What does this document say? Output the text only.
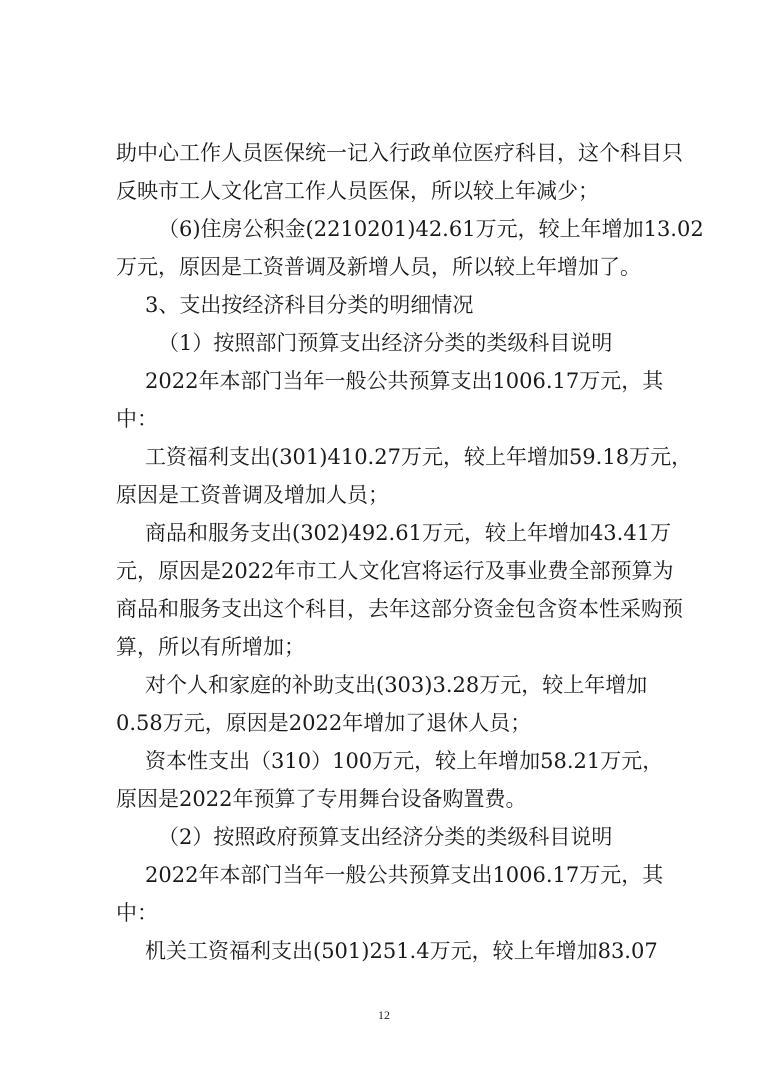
助中心工作人员医保统一记入行政单位医疗科目，这个科目只
反映市工人文化宫工作人员医保，所以较上年减少；
（6)住房公积金(2210201)42.61万元，较上年增加13.02
万元，原因是工资普调及新增人员，所以较上年增加了。
3、支出按经济科目分类的明细情况
（1）按照部门预算支出经济分类的类级科目说明
2022年本部门当年一般公共预算支出1006.17万元，其
中：
工资福利支出(301)410.27万元，较上年增加59.18万元，
原因是工资普调及增加人员；
商品和服务支出(302)492.61万元，较上年增加43.41万
元，原因是2022年市工人文化宫将运行及事业费全部预算为
商品和服务支出这个科目，去年这部分资金包含资本性采购预
算，所以有所增加；
对个人和家庭的补助支出(303)3.28万元，较上年增加
0.58万元，原因是2022年增加了退休人员；
资本性支出（310）100万元，较上年增加58.21万元，
原因是2022年预算了专用舞台设备购置费。
（2）按照政府预算支出经济分类的类级科目说明
2022年本部门当年一般公共预算支出1006.17万元，其
中：
机关工资福利支出(501)251.4万元，较上年增加83.07
12
